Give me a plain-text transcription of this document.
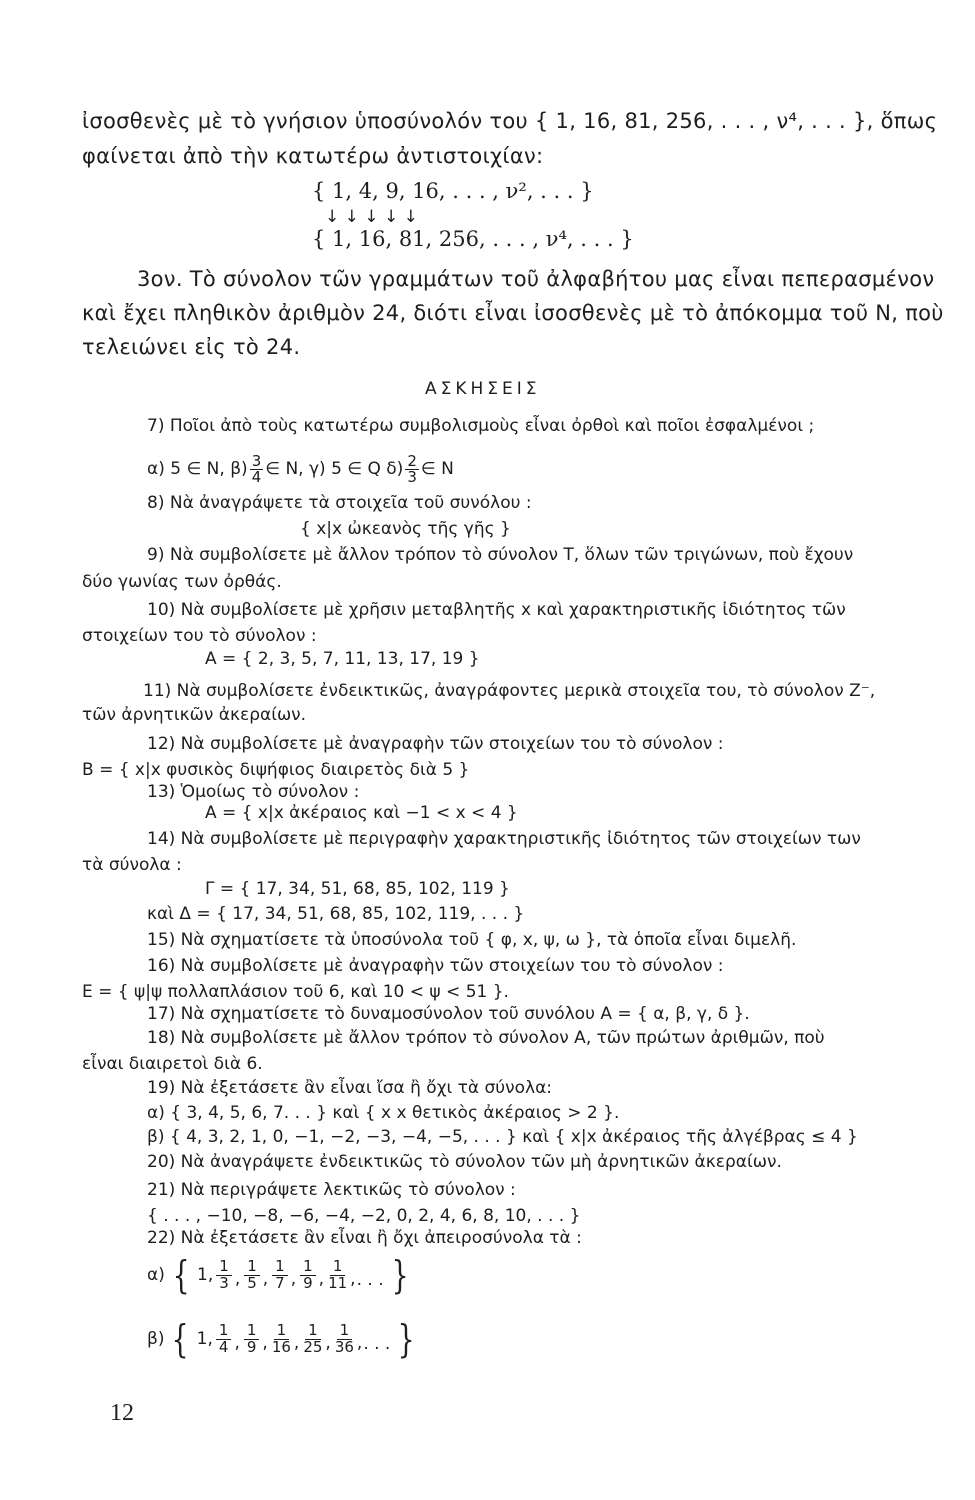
ἰσοσθενὲς μὲ τὸ γνήσιον ὑποσύνολόν του { 1, 16, 81, 256, . . . , ν⁴, . . . }, ὅπως
φαίνεται ἀπὸ τὴν κατωτέρω ἀντιστοιχίαν:
{ 1, 4, 9, 16, . . . , ν², . . . }
↓ ↓ ↓ ↓ ↓
{ 1, 16, 81, 256, . . . , ν⁴, . . . }
3ον. Τὸ σύνολον τῶν γραμμάτων τοῦ ἀλφαβήτου μας εἶναι πεπερασμένον
καὶ ἔχει πληθικὸν ἀριθμὸν 24, διότι εἶναι ἰσοσθενὲς μὲ τὸ ἀπόκομμα τοῦ Ν, ποὺ
τελειώνει εἰς τὸ 24.
ΑΣΚΗΣΕΙΣ
7) Ποῖοι ἀπὸ τοὺς κατωτέρω συμβολισμοὺς εἶναι ὀρθοὶ καὶ ποῖοι ἐσφαλμένοι ;
α) 5 ∈ Ν, $\beta) \frac{3}{4}$ ∈ Ν, γ) 5 ∈ Q $\delta) \frac{2}{3}$ ∈ Ν
8) Νὰ ἀναγράψετε τὰ στοιχεῖα τοῦ συνόλου :
{ x|x ὠκεανὸς τῆς γῆς }
9) Νὰ συμβολίσετε μὲ ἄλλον τρόπον τὸ σύνολον Τ, ὅλων τῶν τριγώνων, ποὺ ἔχουν
δύο γωνίας των ὀρθάς.
10) Νὰ συμβολίσετε μὲ χρῆσιν μεταβλητῆς x καὶ χαρακτηριστικῆς ἰδιότητος τῶν
στοιχείων του τὸ σύνολον :
Α = { 2, 3, 5, 7, 11, 13, 17, 19 }
11) Νὰ συμβολίσετε ἐνδεικτικῶς, ἀναγράφοντες μερικὰ στοιχεῖα του, τὸ σύνολον Ζ⁻,
τῶν ἀρνητικῶν ἀκεραίων.
12) Νὰ συμβολίσετε μὲ ἀναγραφὴν τῶν στοιχείων του τὸ σύνολον :
Β = { x|x φυσικὸς διψήφιος διαιρετὸς διὰ 5 }
13) Ὁμοίως τὸ σύνολον :
Α = { x|x ἀκέραιος καὶ −1 < x < 4 }
14) Νὰ συμβολίσετε μὲ περιγραφὴν χαρακτηριστικῆς ἰδιότητος τῶν στοιχείων των
τὰ σύνολα :
Γ = { 17, 34, 51, 68, 85, 102, 119 }
καὶ Δ = { 17, 34, 51, 68, 85, 102, 119, . . . }
15) Νὰ σχηματίσετε τὰ ὑποσύνολα τοῦ { φ, x, ψ, ω }, τὰ ὁποῖα εἶναι διμελῆ.
16) Νὰ συμβολίσετε μὲ ἀναγραφὴν τῶν στοιχείων του τὸ σύνολον :
Ε = { ψ|ψ πολλαπλάσιον τοῦ 6, καὶ 10 < ψ < 51 }.
17) Νὰ σχηματίσετε τὸ δυναμοσύνολον τοῦ συνόλου Α = { α, β, γ, δ }.
18) Νὰ συμβολίσετε μὲ ἄλλον τρόπον τὸ σύνολον Α, τῶν πρώτων ἀριθμῶν, ποὺ
εἶναι διαιρετοὶ διὰ 6.
19) Νὰ ἐξετάσετε ἂν εἶναι ἴσα ἢ ὄχι τὰ σύνολα:
α) { 3, 4, 5, 6, 7. . . } καὶ { x x θετικὸς ἀκέραιος > 2 }.
β) { 4, 3, 2, 1, 0, −1, −2, −3, −4, −5, . . . } καὶ { x|x ἀκέραιος τῆς ἀλγέβρας ≤ 4 }
20) Νὰ ἀναγράψετε ἐνδεικτικῶς τὸ σύνολον τῶν μὴ ἀρνητικῶν ἀκεραίων.
21) Νὰ περιγράψετε λεκτικῶς τὸ σύνολον :
{ . . . , −10, −8, −6, −4, −2, 0, 2, 4, 6, 8, 10, . . . }
22) Νὰ ἐξετάσετε ἂν εἶναι ἢ ὄχι ἀπειροσύνολα τὰ :
α) { 1, $\frac{1}{3}$ , $\frac{1}{5}$ , $\frac{1}{7}$ , $\frac{1}{9}$ , $\frac{1}{11}$ , . . . }
β) { 1, $\frac{1}{4}$ , $\frac{1}{9}$ , $\frac{1}{16}$ , $\frac{1}{25}$ , $\frac{1}{36}$ , . . . }
12
